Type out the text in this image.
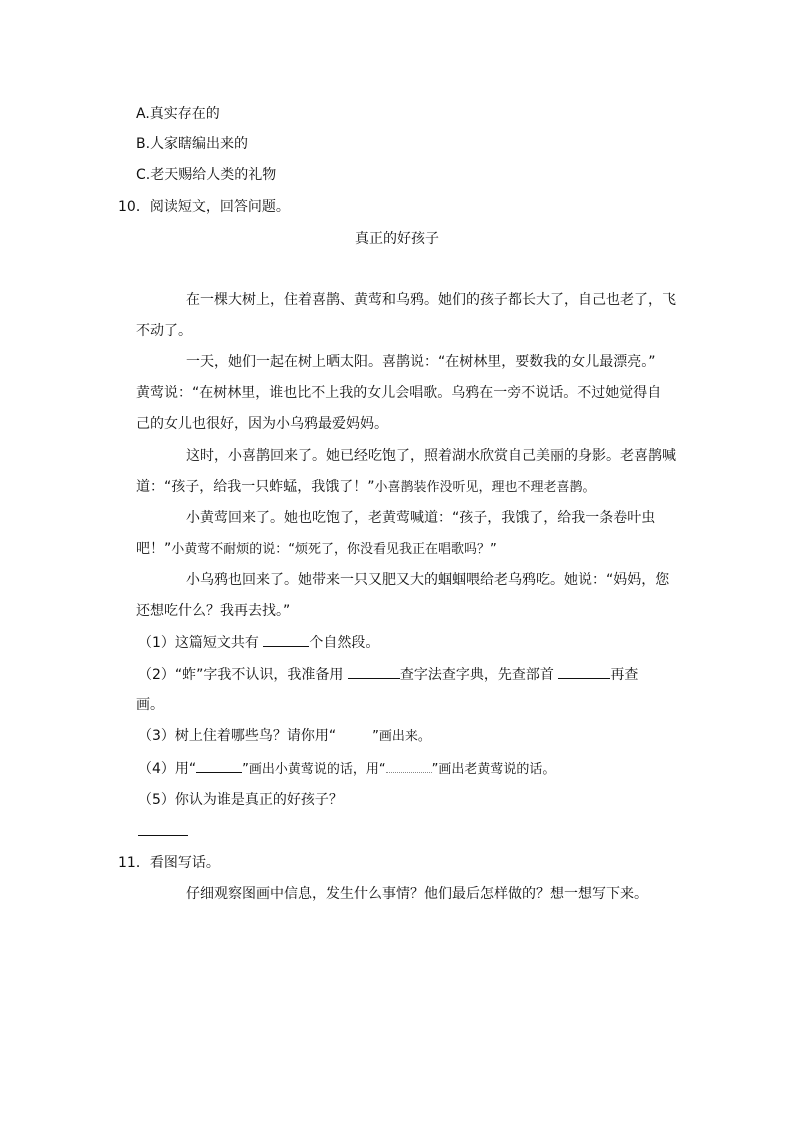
A.真实存在的
B.人家瞎编出来的
C.老天赐给人类的礼物
10．阅读短文，回答问题。
真正的好孩子
在一棵大树上，住着喜鹊、黄莺和乌鸦。她们的孩子都长大了，自己也老了，飞
不动了。
一天，她们一起在树上晒太阳。喜鹊说：“在树林里，要数我的女儿最漂亮。”
黄莺说：“在树林里，谁也比不上我的女儿会唱歌。乌鸦在一旁不说话。不过她觉得自
己的女儿也很好，因为小乌鸦最爱妈妈。
这时，小喜鹊回来了。她已经吃饱了，照着湖水欣赏自己美丽的身影。老喜鹊喊
道：“孩子，给我一只蚱蜢，我饿了！”小喜鹊装作没听见，理也不理老喜鹊。
小黄莺回来了。她也吃饱了，老黄莺喊道：“孩子，我饿了，给我一条卷叶虫
吧！”小黄莺不耐烦的说：“烦死了，你没看见我正在唱歌吗？”
小乌鸦也回来了。她带来一只又肥又大的蝈蝈喂给老乌鸦吃。她说：“妈妈，您
还想吃什么？我再去找。”
（1）这篇短文共有	个自然段。
（2）“蚱”字我不认识，我准备用	查字法查字典，先查部首	再查
画。
（3）树上住着哪些鸟？请你用“	”画出来。
（4）用“	”画出小黄莺说的话，用“	”画出老黄莺说的话。
（5）你认为谁是真正的好孩子？
11．看图写话。
仔细观察图画中信息，发生什么事情？他们最后怎样做的？想一想写下来。
